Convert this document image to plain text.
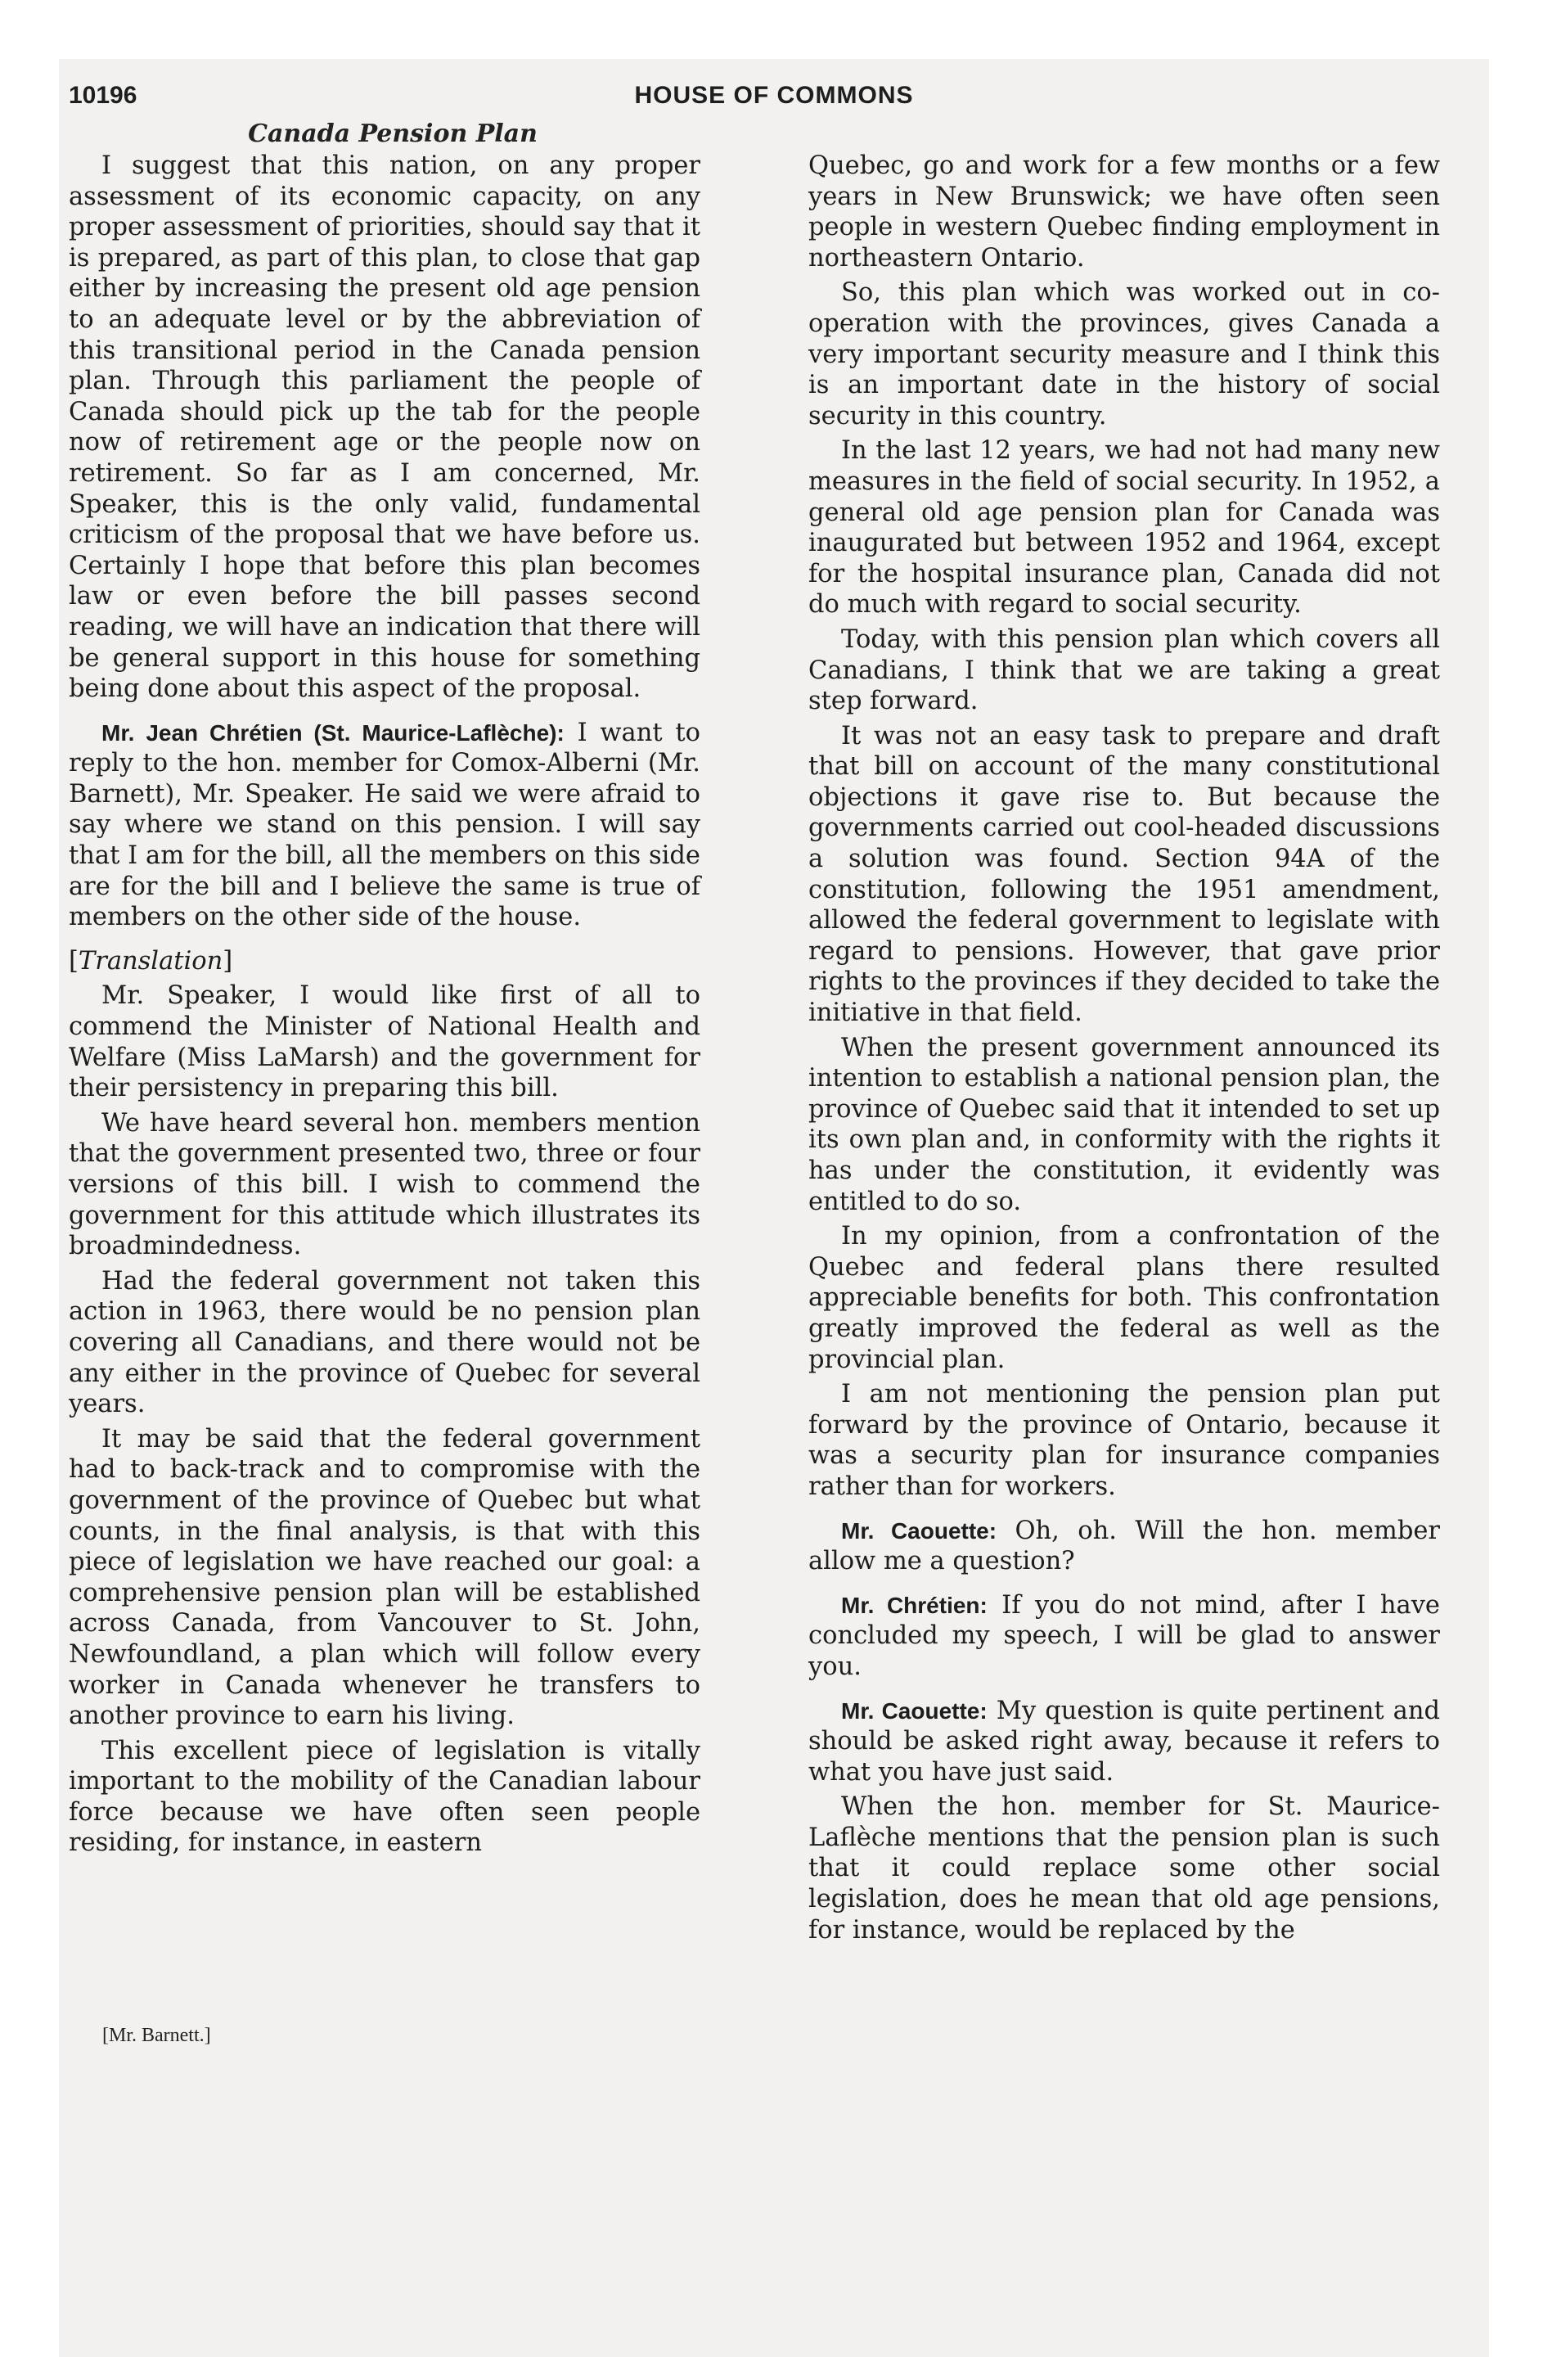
10196	HOUSE OF COMMONS
Canada Pension Plan

I suggest that this nation, on any proper assessment of its economic capacity, on any proper assessment of priorities, should say that it is prepared, as part of this plan, to close that gap either by increasing the present old age pension to an adequate level or by the abbreviation of this transitional period in the Canada pension plan. Through this parliament the people of Canada should pick up the tab for the people now of retirement age or the people now on retirement. So far as I am concerned, Mr. Speaker, this is the only valid, fundamental criticism of the proposal that we have before us. Certainly I hope that before this plan becomes law or even before the bill passes second reading, we will have an indication that there will be general support in this house for something being done about this aspect of the proposal.

Mr. Jean Chrétien (St. Maurice-Laflèche): I want to reply to the hon. member for Comox-Alberni (Mr. Barnett), Mr. Speaker. He said we were afraid to say where we stand on this pension. I will say that I am for the bill, all the members on this side are for the bill and I believe the same is true of members on the other side of the house.

[Translation]

Mr. Speaker, I would like first of all to commend the Minister of National Health and Welfare (Miss LaMarsh) and the government for their persistency in preparing this bill.

We have heard several hon. members mention that the government presented two, three or four versions of this bill. I wish to commend the government for this attitude which illustrates its broadmindedness.

Had the federal government not taken this action in 1963, there would be no pension plan covering all Canadians, and there would not be any either in the province of Quebec for several years.

It may be said that the federal government had to back-track and to compromise with the government of the province of Quebec but what counts, in the final analysis, is that with this piece of legislation we have reached our goal: a comprehensive pension plan will be established across Canada, from Vancouver to St. John, Newfoundland, a plan which will follow every worker in Canada whenever he transfers to another province to earn his living.

This excellent piece of legislation is vitally important to the mobility of the Canadian labour force because we have often seen people residing, for instance, in eastern

Quebec, go and work for a few months or a few years in New Brunswick; we have often seen people in western Quebec finding employment in northeastern Ontario.

So, this plan which was worked out in co-operation with the provinces, gives Canada a very important security measure and I think this is an important date in the history of social security in this country.

In the last 12 years, we had not had many new measures in the field of social security. In 1952, a general old age pension plan for Canada was inaugurated but between 1952 and 1964, except for the hospital insurance plan, Canada did not do much with regard to social security.

Today, with this pension plan which covers all Canadians, I think that we are taking a great step forward.

It was not an easy task to prepare and draft that bill on account of the many constitutional objections it gave rise to. But because the governments carried out cool-headed discussions a solution was found. Section 94A of the constitution, following the 1951 amendment, allowed the federal government to legislate with regard to pensions. However, that gave prior rights to the provinces if they decided to take the initiative in that field.

When the present government announced its intention to establish a national pension plan, the province of Quebec said that it intended to set up its own plan and, in conformity with the rights it has under the constitution, it evidently was entitled to do so.

In my opinion, from a confrontation of the Quebec and federal plans there resulted appreciable benefits for both. This confrontation greatly improved the federal as well as the provincial plan.

I am not mentioning the pension plan put forward by the province of Ontario, because it was a security plan for insurance companies rather than for workers.

Mr. Caouette: Oh, oh. Will the hon. member allow me a question?

Mr. Chrétien: If you do not mind, after I have concluded my speech, I will be glad to answer you.

Mr. Caouette: My question is quite pertinent and should be asked right away, because it refers to what you have just said.

When the hon. member for St. Maurice-Laflèche mentions that the pension plan is such that it could replace some other social legislation, does he mean that old age pensions, for instance, would be replaced by the

[Mr. Barnett.]
